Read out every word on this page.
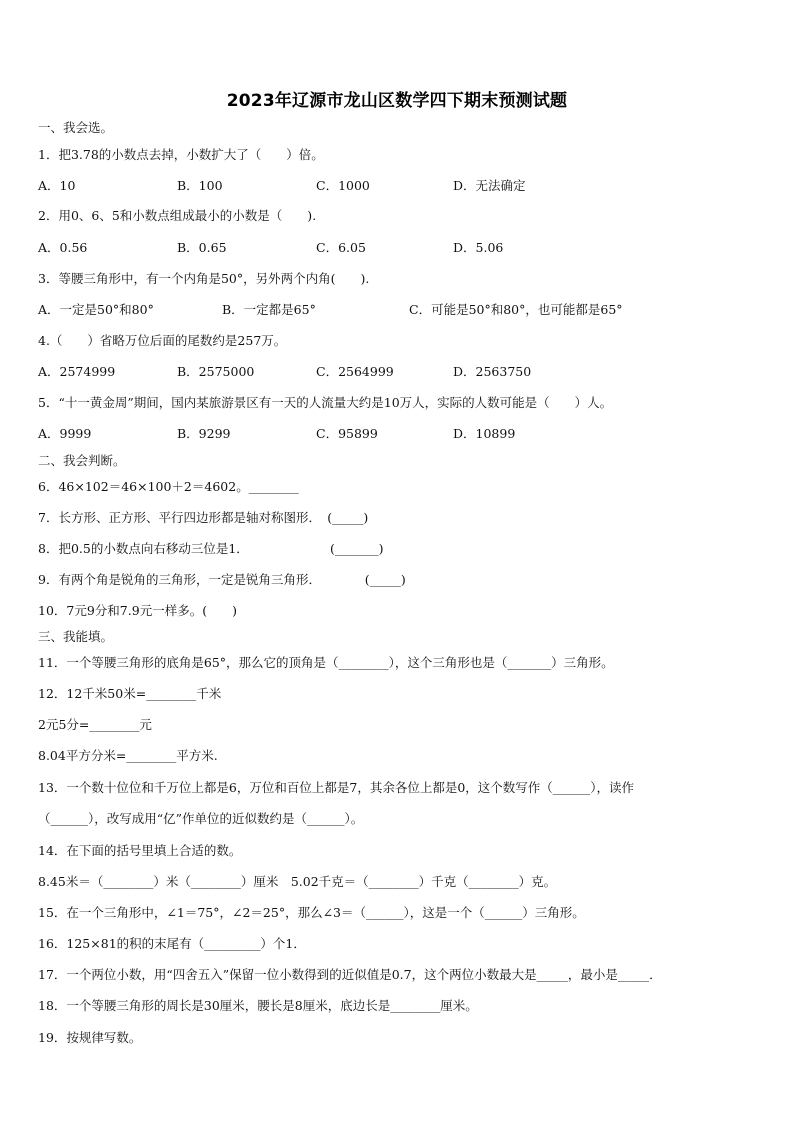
2023年辽源市龙山区数学四下期末预测试题
一、我会选。
1．把3.78的小数点去掉，小数扩大了（　　）倍。
A．10	B．100	C．1000	D．无法确定
2．用0、6、5和小数点组成最小的小数是（　　).
A．0.56	B．0.65	C．6.05	D．5.06
3．等腰三角形中，有一个内角是50°，另外两个内角(　　).
A．一定是50°和80°	B．一定都是65°	C．可能是50°和80°，也可能都是65°
4.（　　）省略万位后面的尾数约是257万。
A．2574999	B．2575000	C．2564999	D．2563750
5．“十一黄金周”期间，国内某旅游景区有一天的人流量大约是10万人，实际的人数可能是（　　）人。
A．9999	B．9299	C．95899	D．10899
二、我会判断。
6．46×102＝46×100＋2＝4602。________
7．长方形、正方形、平行四边形都是轴对称图形．　(_____)
8．把0.5的小数点向右移动三位是1．　　　　　　　(_______)
9．有两个角是锐角的三角形，一定是锐角三角形．　　　　(_____)
10．7元9分和7.9元一样多。(　　)
三、我能填。
11．一个等腰三角形的底角是65°，那么它的顶角是（________），这个三角形也是（_______）三角形。
12．12千米50米=________千米
2元5分=________元
8.04平方分米=________平方米.
13．一个数十位位和千万位上都是6，万位和百位上都是7，其余各位上都是0，这个数写作（______），读作
（______），改写成用“亿”作单位的近似数约是（______）。
14．在下面的括号里填上合适的数。
8.45米＝（________）米（________）厘米　5.02千克＝（________）千克（________）克。
15．在一个三角形中，∠1＝75°，∠2＝25°，那么∠3＝（______），这是一个（______）三角形。
16．125×81的积的末尾有（_________）个1．
17．一个两位小数，用“四舍五入”保留一位小数得到的近似值是0.7，这个两位小数最大是_____，最小是_____．
18．一个等腰三角形的周长是30厘米，腰长是8厘米，底边长是________厘米。
19．按规律写数。
